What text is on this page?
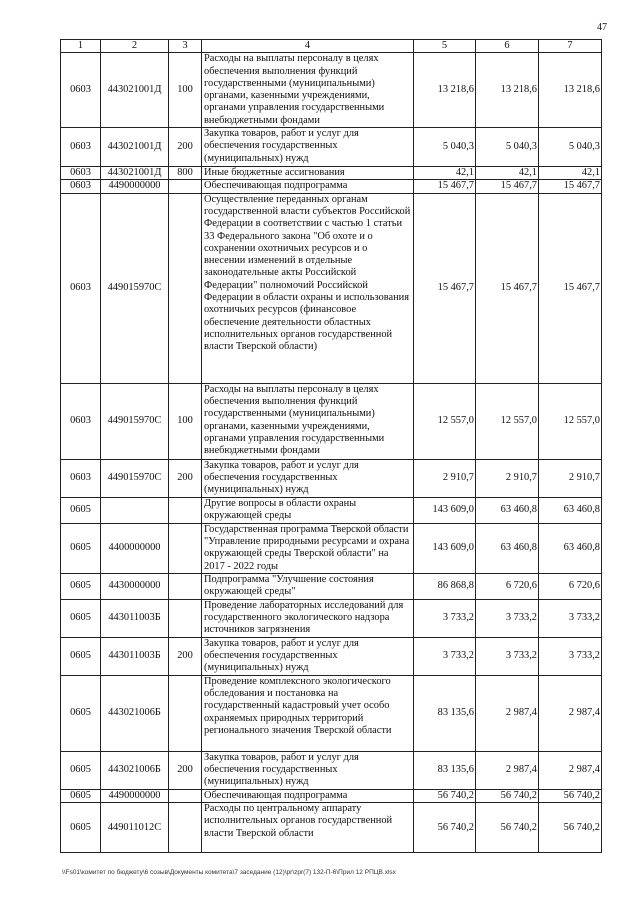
47
1	2	3	4	5	6	7
0603	443021001Д	100	Расходы на выплаты персоналу в целях обеспечения выполнения функций государственными (муниципальными) органами, казенными учреждениями, органами управления государственными внебюджетными фондами	13 218,6	13 218,6	13 218,6
0603	443021001Д	200	Закупка товаров, работ и услуг для обеспечения государственных (муниципальных) нужд	5 040,3	5 040,3	5 040,3
0603	443021001Д	800	Иные бюджетные ассигнования	42,1	42,1	42,1
0603	4490000000		Обеспечивающая подпрограмма	15 467,7	15 467,7	15 467,7
0603	449015970С		Осуществление переданных органам государственной власти субъектов Российской Федерации в соответствии с частью 1 статьи 33 Федерального закона "Об охоте и о сохранении охотничьих ресурсов и о внесении изменений в отдельные законодательные акты Российской Федерации" полномочий Российской Федерации в области охраны и использования охотничьих ресурсов (финансовое обеспечение деятельности областных исполнительных органов государственной власти Тверской области)	15 467,7	15 467,7	15 467,7
0603	449015970С	100	Расходы на выплаты персоналу в целях обеспечения выполнения функций государственными (муниципальными) органами, казенными учреждениями, органами управления государственными внебюджетными фондами	12 557,0	12 557,0	12 557,0
0603	449015970С	200	Закупка товаров, работ и услуг для обеспечения государственных (муниципальных) нужд	2 910,7	2 910,7	2 910,7
0605			Другие вопросы в области охраны окружающей среды	143 609,0	63 460,8	63 460,8
0605	4400000000		Государственная программа Тверской области "Управление природными ресурсами и охрана окружающей среды Тверской области" на 2017 - 2022 годы	143 609,0	63 460,8	63 460,8
0605	4430000000		Подпрограмма "Улучшение состояния окружающей среды"	86 868,8	6 720,6	6 720,6
0605	443011003Б		Проведение лабораторных исследований для государственного экологического надзора источников загрязнения	3 733,2	3 733,2	3 733,2
0605	443011003Б	200	Закупка товаров, работ и услуг для обеспечения государственных (муниципальных) нужд	3 733,2	3 733,2	3 733,2
0605	443021006Б		Проведение комплексного экологического обследования и постановка на государственный кадастровый учет особо охраняемых природных территорий регионального значения Тверской области	83 135,6	2 987,4	2 987,4
0605	443021006Б	200	Закупка товаров, работ и услуг для обеспечения государственных (муниципальных) нужд	83 135,6	2 987,4	2 987,4
0605	4490000000		Обеспечивающая подпрограмма	56 740,2	56 740,2	56 740,2
0605	449011012С		Расходы по центральному аппарату исполнительных органов государственной власти Тверской области	56 740,2	56 740,2	56 740,2
\\Fs01\комитет по бюджету\6 созыв\Документы комитета\7 заседание (12)\pr\zpr(7) 132-П-6\Прил 12 РПЦВ.xlsx
